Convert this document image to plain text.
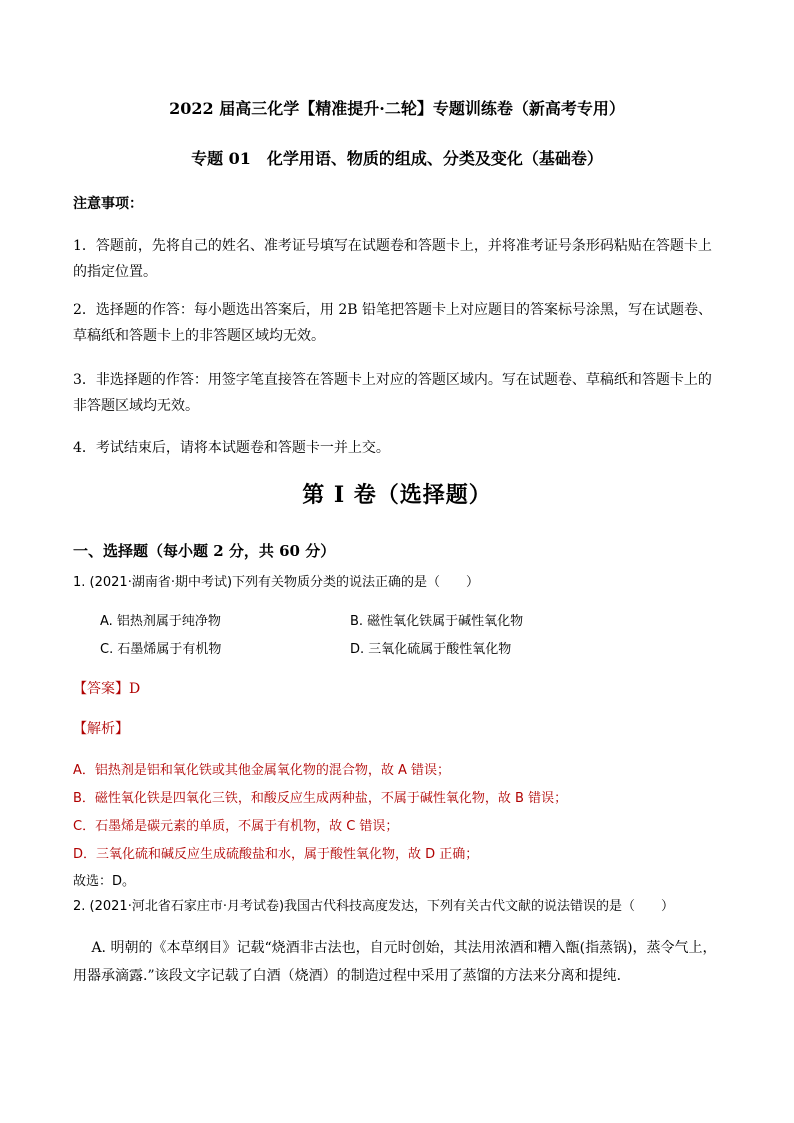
2022 届高三化学【精准提升·二轮】专题训练卷（新高考专用）
专题 01　化学用语、物质的组成、分类及变化（基础卷）
注意事项：
1．答题前，先将自己的姓名、准考证号填写在试题卷和答题卡上，并将准考证号条形码粘贴在答题卡上的指定位置。
2．选择题的作答：每小题选出答案后，用 2B 铅笔把答题卡上对应题目的答案标号涂黑，写在试题卷、草稿纸和答题卡上的非答题区域均无效。
3．非选择题的作答：用签字笔直接答在答题卡上对应的答题区域内。写在试题卷、草稿纸和答题卡上的非答题区域均无效。
4．考试结束后，请将本试题卷和答题卡一并上交。
第 I 卷（选择题）
一、选择题（每小题 2 分，共 60 分）
1. (2021·湖南省·期中考试)下列有关物质分类的说法正确的是（　　）
A. 铝热剂属于纯净物	B. 磁性氧化铁属于碱性氧化物
C. 石墨烯属于有机物	D. 三氧化硫属于酸性氧化物
【答案】D
【解析】
A．铝热剂是铝和氧化铁或其他金属氧化物的混合物，故 A 错误；
B．磁性氧化铁是四氧化三铁，和酸反应生成两种盐，不属于碱性氧化物，故 B 错误；
C．石墨烯是碳元素的单质，不属于有机物，故 C 错误；
D．三氧化硫和碱反应生成硫酸盐和水，属于酸性氧化物，故 D 正确；
故选：D。
2. (2021·河北省石家庄市·月考试卷)我国古代科技高度发达，下列有关古代文献的说法错误的是（　　）
　 A. 明朝的《本草纲目》记载“烧酒非古法也，自元时创始，其法用浓酒和糟入甑(指蒸锅)，蒸令气上，用器承滴露.”该段文字记载了白酒（烧酒）的制造过程中采用了蒸馏的方法来分离和提纯．
